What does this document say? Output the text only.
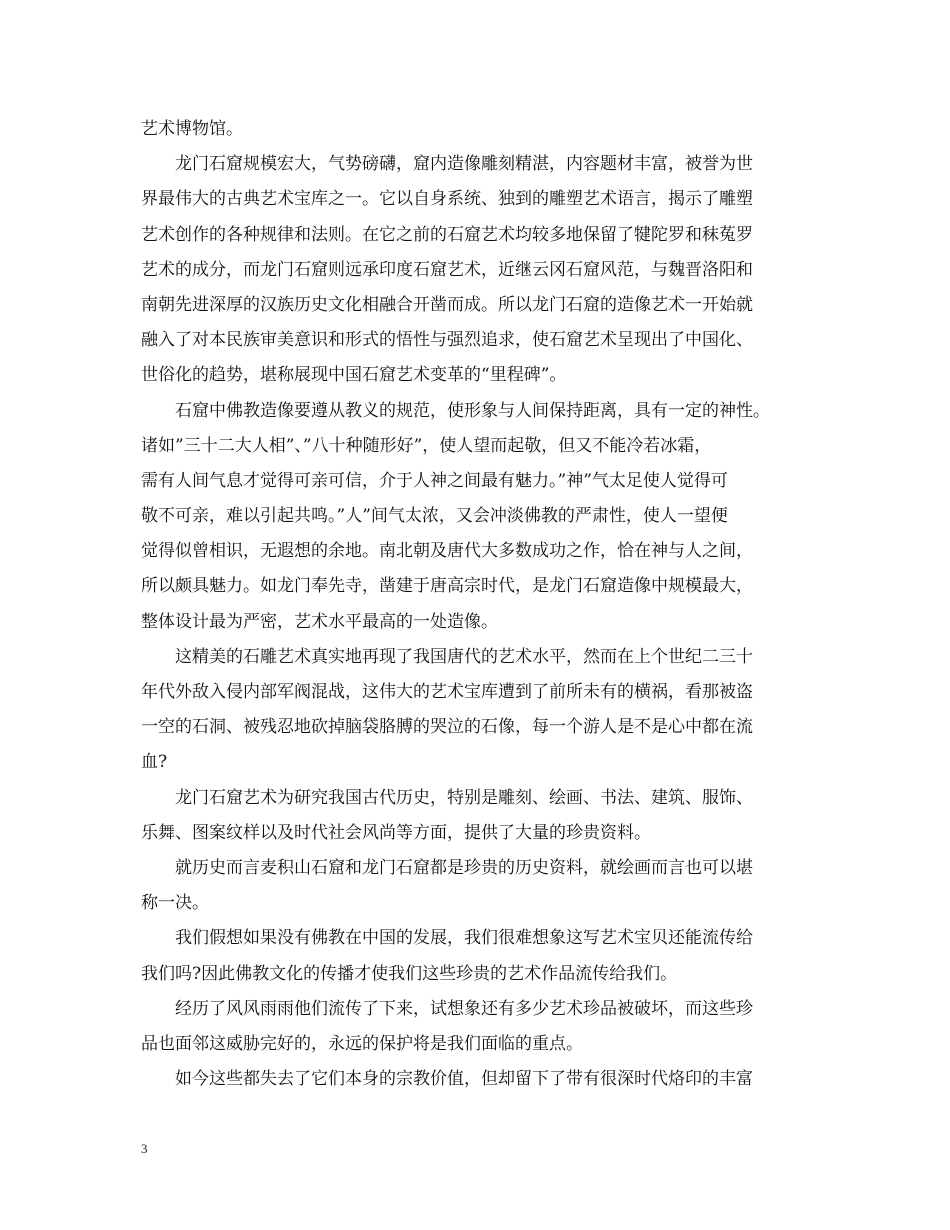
艺术博物馆。
龙门石窟规模宏大，气势磅礴，窟内造像雕刻精湛，内容题材丰富，被誉为世
界最伟大的古典艺术宝库之一。它以自身系统、独到的雕塑艺术语言，揭示了雕塑
艺术创作的各种规律和法则。在它之前的石窟艺术均较多地保留了犍陀罗和秣菟罗
艺术的成分，而龙门石窟则远承印度石窟艺术，近继云冈石窟风范，与魏晋洛阳和
南朝先进深厚的汉族历史文化相融合开凿而成。所以龙门石窟的造像艺术一开始就
融入了对本民族审美意识和形式的悟性与强烈追求，使石窟艺术呈现出了中国化、
世俗化的趋势，堪称展现中国石窟艺术变革的“里程碑”。
石窟中佛教造像要遵从教义的规范，使形象与人间保持距离，具有一定的神性。
诸如”三十二大人相”、”八十种随形好”，使人望而起敬，但又不能冷若冰霜，
需有人间气息才觉得可亲可信，介于人神之间最有魅力。”神”气太足使人觉得可
敬不可亲，难以引起共鸣。”人”间气太浓，又会冲淡佛教的严肃性，使人一望便
觉得似曾相识，无遐想的余地。南北朝及唐代大多数成功之作，恰在神与人之间，
所以颇具魅力。如龙门奉先寺，凿建于唐高宗时代，是龙门石窟造像中规模最大，
整体设计最为严密，艺术水平最高的一处造像。
这精美的石雕艺术真实地再现了我国唐代的艺术水平，然而在上个世纪二三十
年代外敌入侵内部军阀混战，这伟大的艺术宝库遭到了前所未有的横祸，看那被盗
一空的石洞、被残忍地砍掉脑袋胳膊的哭泣的石像，每一个游人是不是心中都在流
血?
龙门石窟艺术为研究我国古代历史，特别是雕刻、绘画、书法、建筑、服饰、
乐舞、图案纹样以及时代社会风尚等方面，提供了大量的珍贵资料。
就历史而言麦积山石窟和龙门石窟都是珍贵的历史资料，就绘画而言也可以堪
称一决。
我们假想如果没有佛教在中国的发展，我们很难想象这写艺术宝贝还能流传给
我们吗?因此佛教文化的传播才使我们这些珍贵的艺术作品流传给我们。
经历了风风雨雨他们流传了下来，试想象还有多少艺术珍品被破坏，而这些珍
品也面邻这威胁完好的，永远的保护将是我们面临的重点。
如今这些都失去了它们本身的宗教价值，但却留下了带有很深时代烙印的丰富
3
